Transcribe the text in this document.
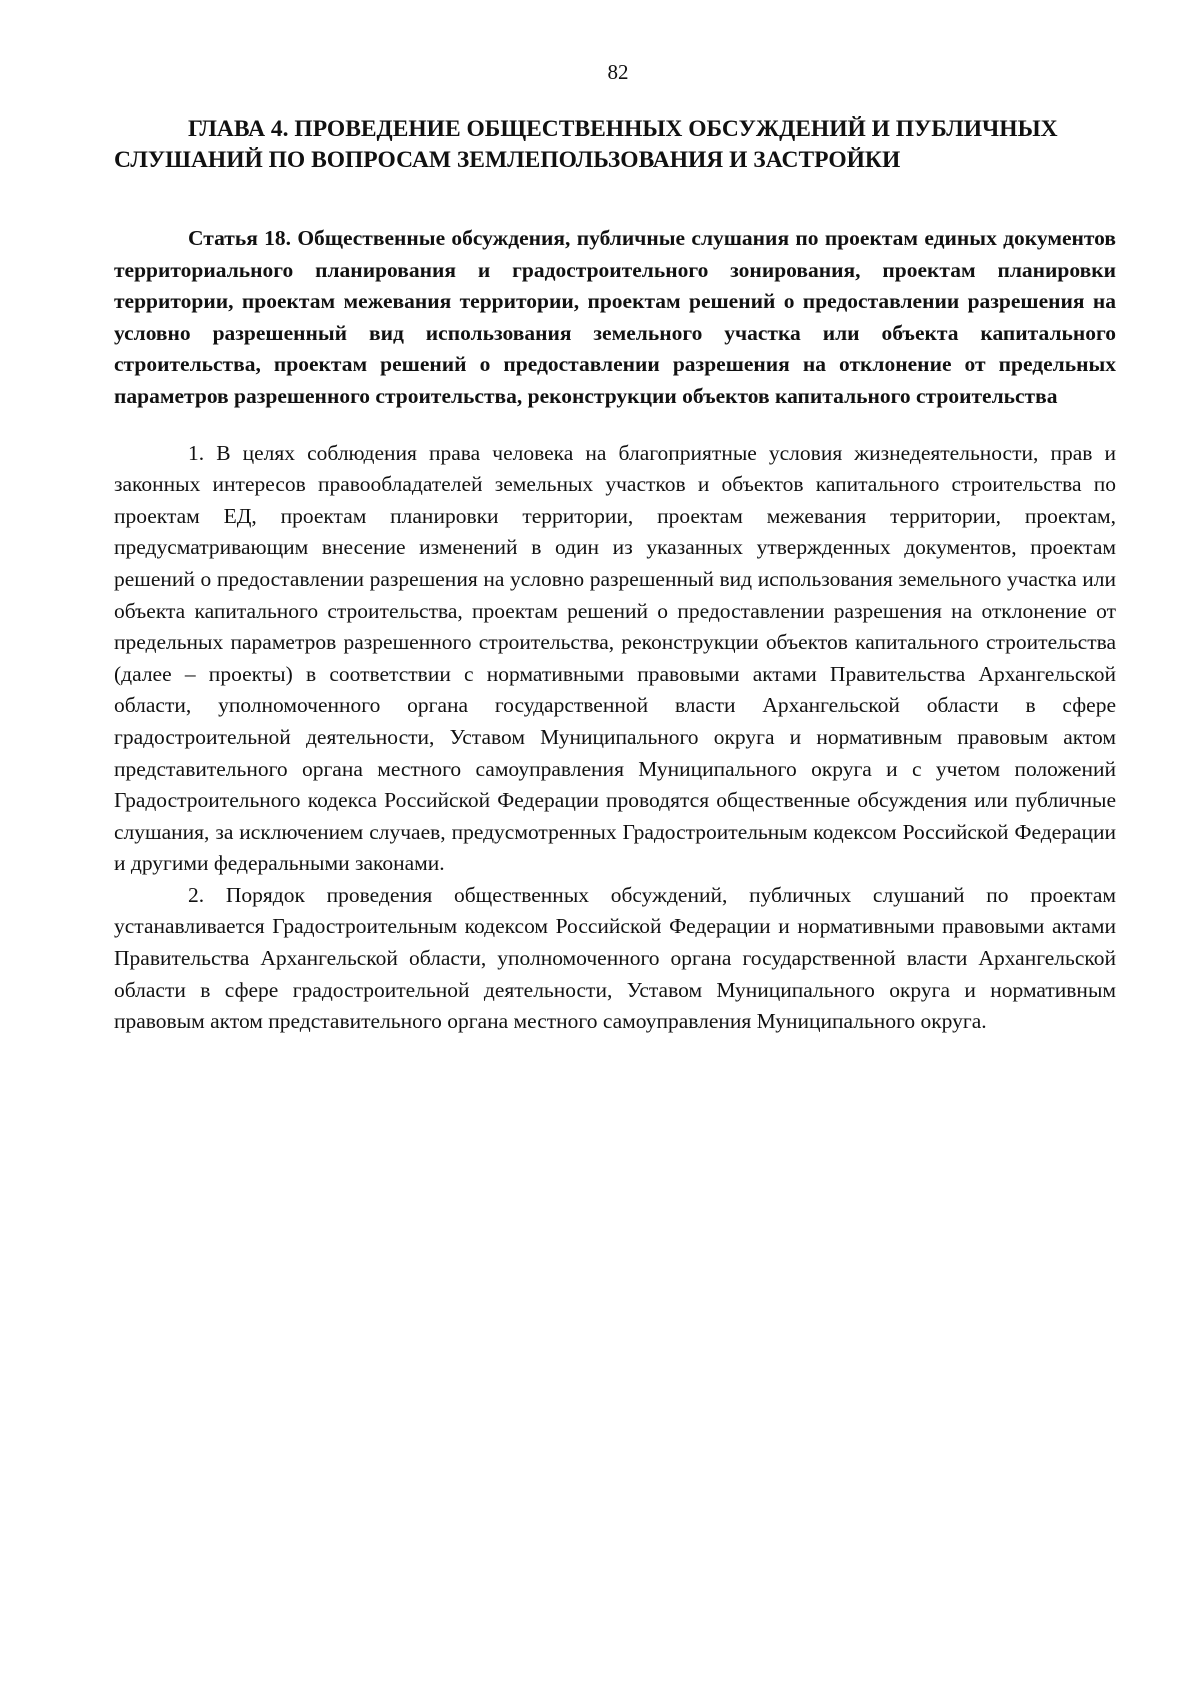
82
ГЛАВА 4. ПРОВЕДЕНИЕ ОБЩЕСТВЕННЫХ ОБСУЖДЕНИЙ И ПУБЛИЧНЫХ
СЛУШАНИЙ ПО ВОПРОСАМ ЗЕМЛЕПОЛЬЗОВАНИЯ И ЗАСТРОЙКИ

Статья 18. Общественные обсуждения, публичные слушания по проектам единых документов территориального планирования и градостроительного зонирования, проектам планировки территории, проектам межевания территории, проектам решений о предоставлении разрешения на условно разрешенный вид использования земельного участка или объекта капитального строительства, проектам решений о предоставлении разрешения на отклонение от предельных параметров разрешенного строительства, реконструкции объектов капитального строительства

1. В целях соблюдения права человека на благоприятные условия жизнедеятельности, прав и законных интересов правообладателей земельных участков и объектов капитального строительства по проектам ЕД, проектам планировки территории, проектам межевания территории, проектам, предусматривающим внесение изменений в один из указанных утвержденных документов, проектам решений о предоставлении разрешения на условно разрешенный вид использования земельного участка или объекта капитального строительства, проектам решений о предоставлении разрешения на отклонение от предельных параметров разрешенного строительства, реконструкции объектов капитального строительства (далее – проекты) в соответствии с нормативными правовыми актами Правительства Архангельской области, уполномоченного органа государственной власти Архангельской области в сфере градостроительной деятельности, Уставом Муниципального округа и нормативным правовым актом представительного органа местного самоуправления Муниципального округа и с учетом положений Градостроительного кодекса Российской Федерации проводятся общественные обсуждения или публичные слушания, за исключением случаев, предусмотренных Градостроительным кодексом Российской Федерации и другими федеральными законами.

2. Порядок проведения общественных обсуждений, публичных слушаний по проектам устанавливается Градостроительным кодексом Российской Федерации и нормативными правовыми актами Правительства Архангельской области, уполномоченного органа государственной власти Архангельской области в сфере градостроительной деятельности, Уставом Муниципального округа и нормативным правовым актом представительного органа местного самоуправления Муниципального округа.
